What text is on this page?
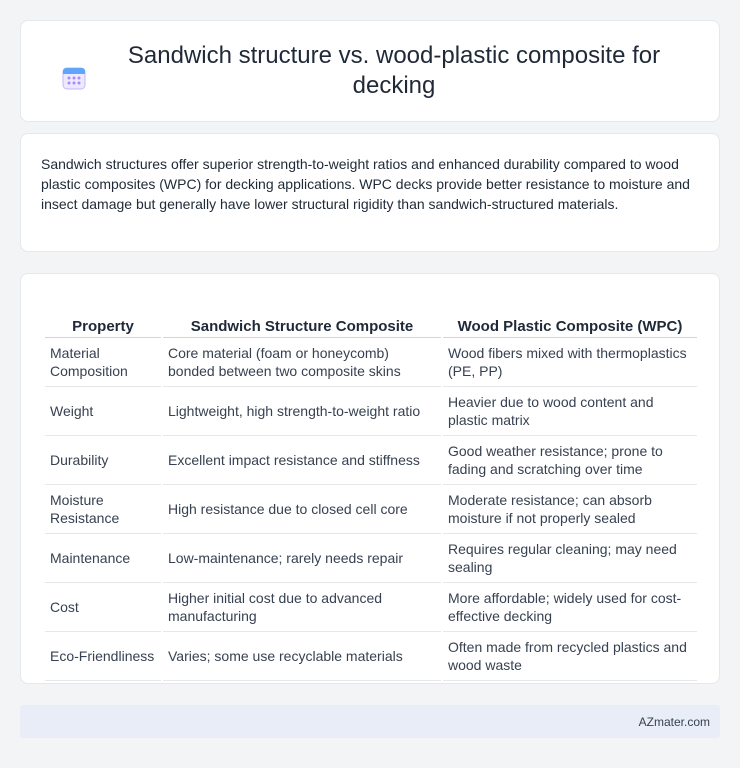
Sandwich structure vs. wood-plastic composite for decking

Sandwich structures offer superior strength-to-weight ratios and enhanced durability compared to wood plastic composites (WPC) for decking applications. WPC decks provide better resistance to moisture and insect damage but generally have lower structural rigidity than sandwich-structured materials.

Property	Sandwich Structure Composite	Wood Plastic Composite (WPC)
Material Composition	Core material (foam or honeycomb) bonded between two composite skins	Wood fibers mixed with thermoplastics (PE, PP)
Weight	Lightweight, high strength-to-weight ratio	Heavier due to wood content and plastic matrix
Durability	Excellent impact resistance and stiffness	Good weather resistance; prone to fading and scratching over time
Moisture Resistance	High resistance due to closed cell core	Moderate resistance; can absorb moisture if not properly sealed
Maintenance	Low-maintenance; rarely needs repair	Requires regular cleaning; may need sealing
Cost	Higher initial cost due to advanced manufacturing	More affordable; widely used for cost-effective decking
Eco-Friendliness	Varies; some use recyclable materials	Often made from recycled plastics and wood waste
AZmater.com
